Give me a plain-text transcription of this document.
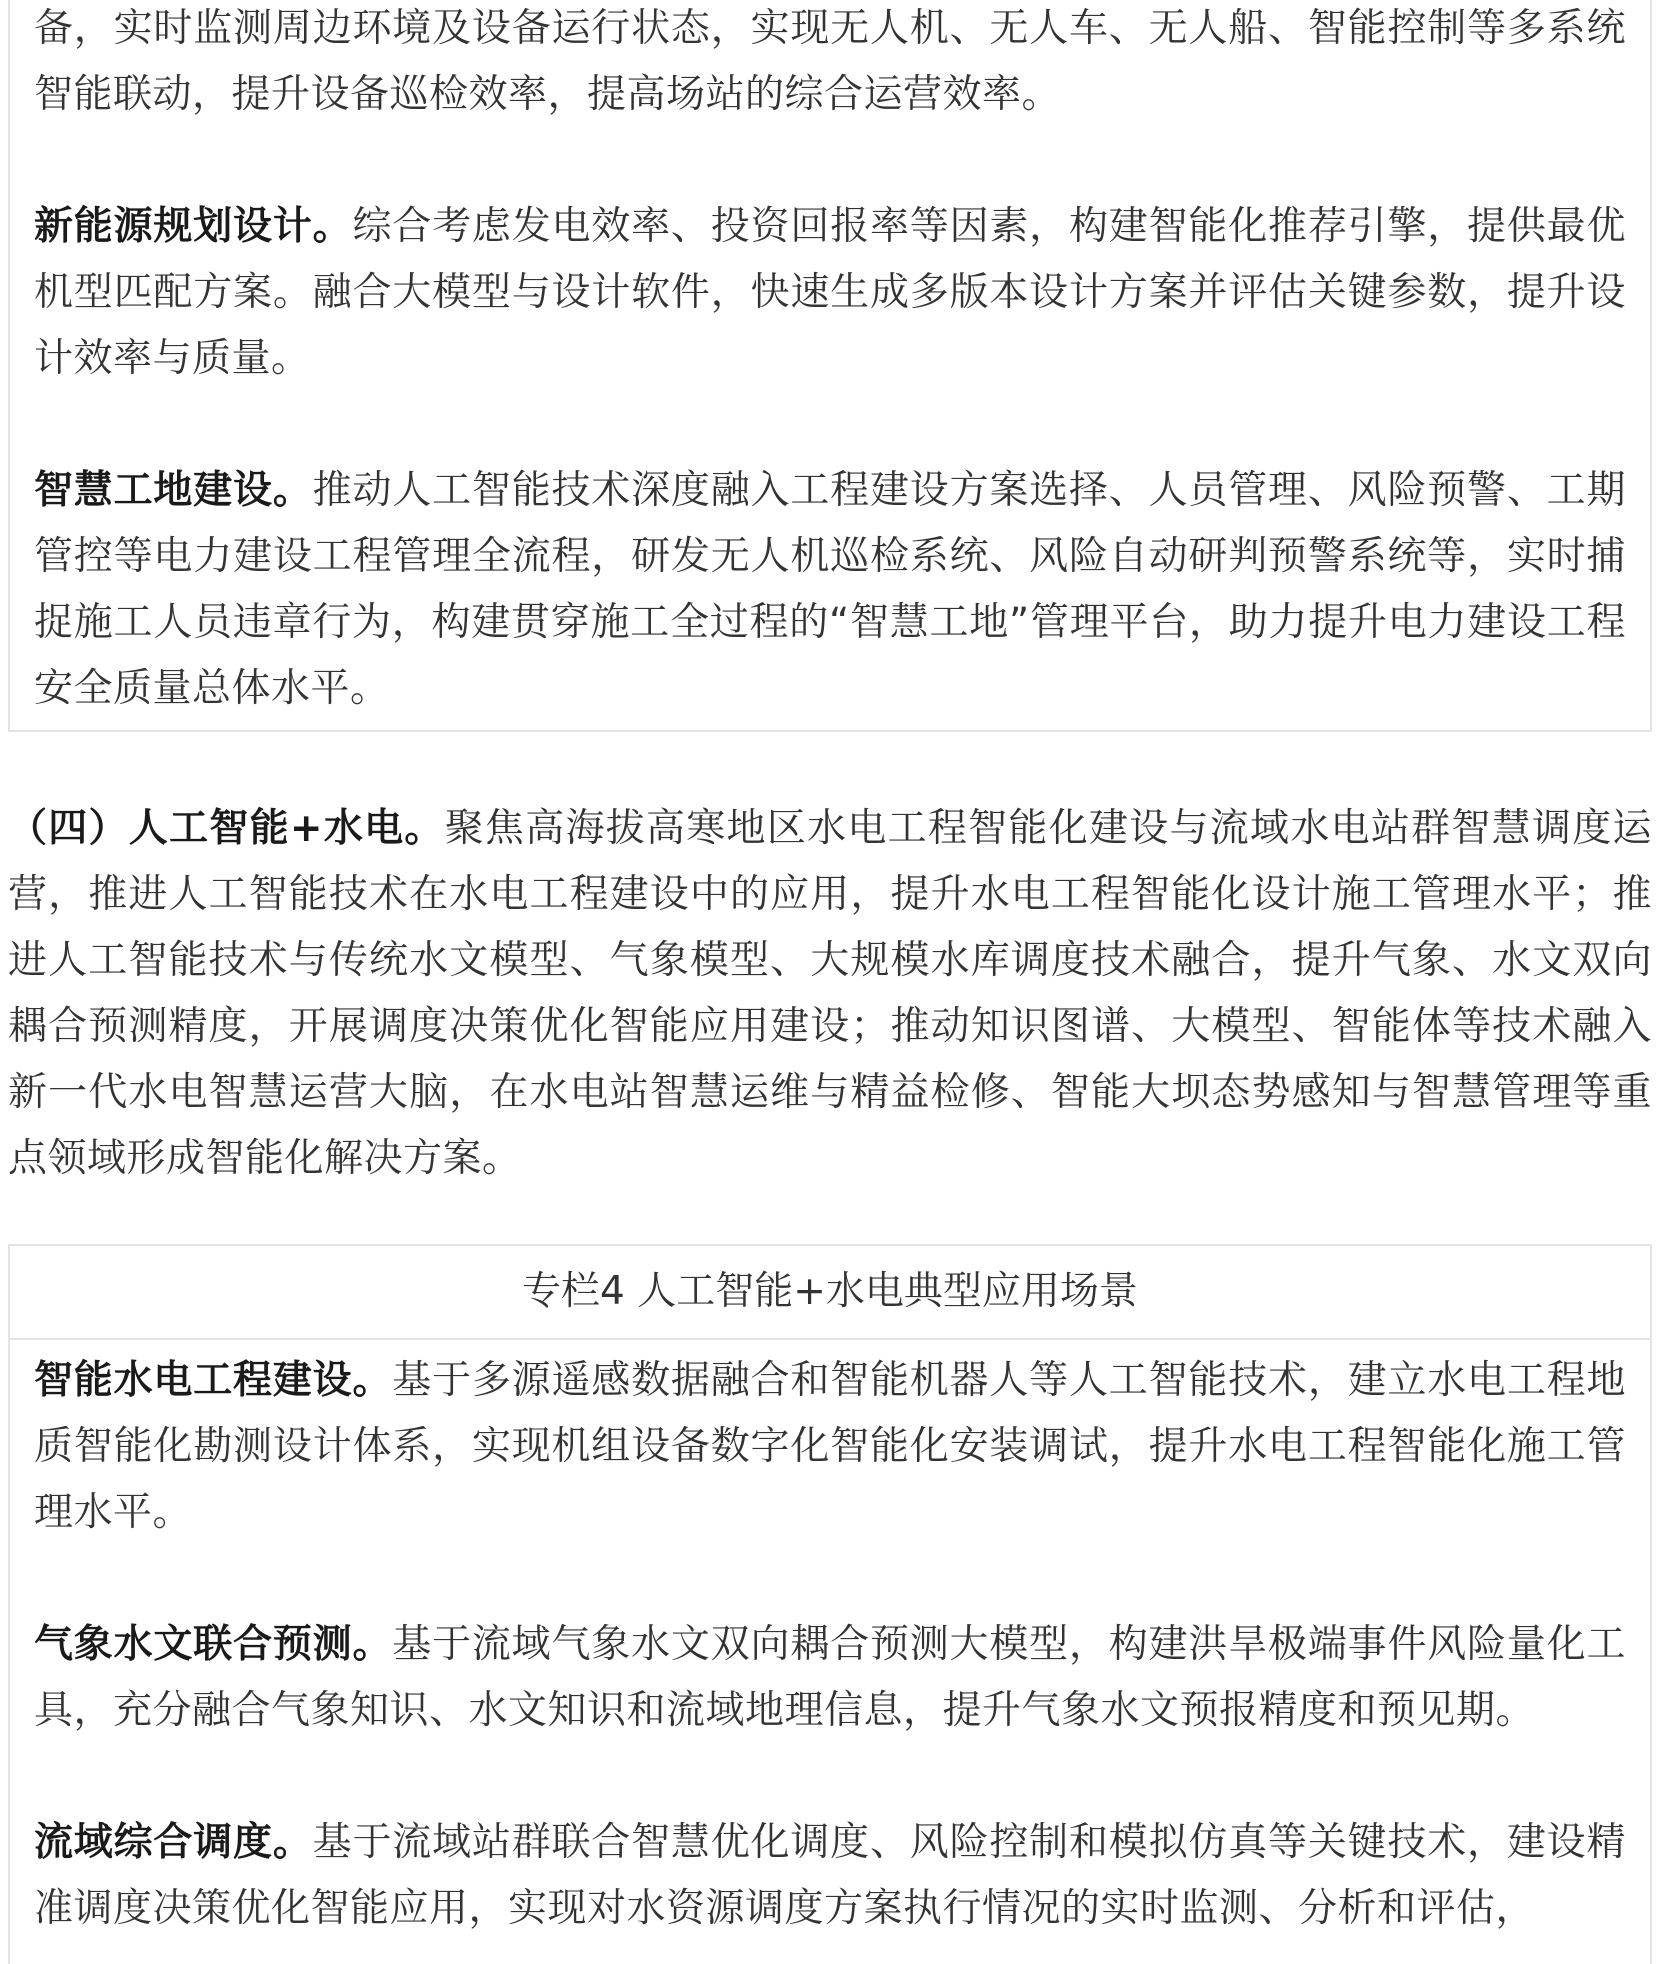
备，实时监测周边环境及设备运行状态，实现无人机、无人车、无人船、智能控制等多系统智能联动，提升设备巡检效率，提高场站的综合运营效率。

新能源规划设计。综合考虑发电效率、投资回报率等因素，构建智能化推荐引擎，提供最优机型匹配方案。融合大模型与设计软件，快速生成多版本设计方案并评估关键参数，提升设计效率与质量。

智慧工地建设。推动人工智能技术深度融入工程建设方案选择、人员管理、风险预警、工期管控等电力建设工程管理全流程，研发无人机巡检系统、风险自动研判预警系统等，实时捕捉施工人员违章行为，构建贯穿施工全过程的“智慧工地”管理平台，助力提升电力建设工程安全质量总体水平。

（四）人工智能+水电。聚焦高海拔高寒地区水电工程智能化建设与流域水电站群智慧调度运营，推进人工智能技术在水电工程建设中的应用，提升水电工程智能化设计施工管理水平；推进人工智能技术与传统水文模型、气象模型、大规模水库调度技术融合，提升气象、水文双向耦合预测精度，开展调度决策优化智能应用建设；推动知识图谱、大模型、智能体等技术融入新一代水电智慧运营大脑，在水电站智慧运维与精益检修、智能大坝态势感知与智慧管理等重点领域形成智能化解决方案。

专栏4 人工智能+水电典型应用场景

智能水电工程建设。基于多源遥感数据融合和智能机器人等人工智能技术，建立水电工程地质智能化勘测设计体系，实现机组设备数字化智能化安装调试，提升水电工程智能化施工管理水平。

气象水文联合预测。基于流域气象水文双向耦合预测大模型，构建洪旱极端事件风险量化工具，充分融合气象知识、水文知识和流域地理信息，提升气象水文预报精度和预见期。

流域综合调度。基于流域站群联合智慧优化调度、风险控制和模拟仿真等关键技术，建设精准调度决策优化智能应用，实现对水资源调度方案执行情况的实时监测、分析和评估，
